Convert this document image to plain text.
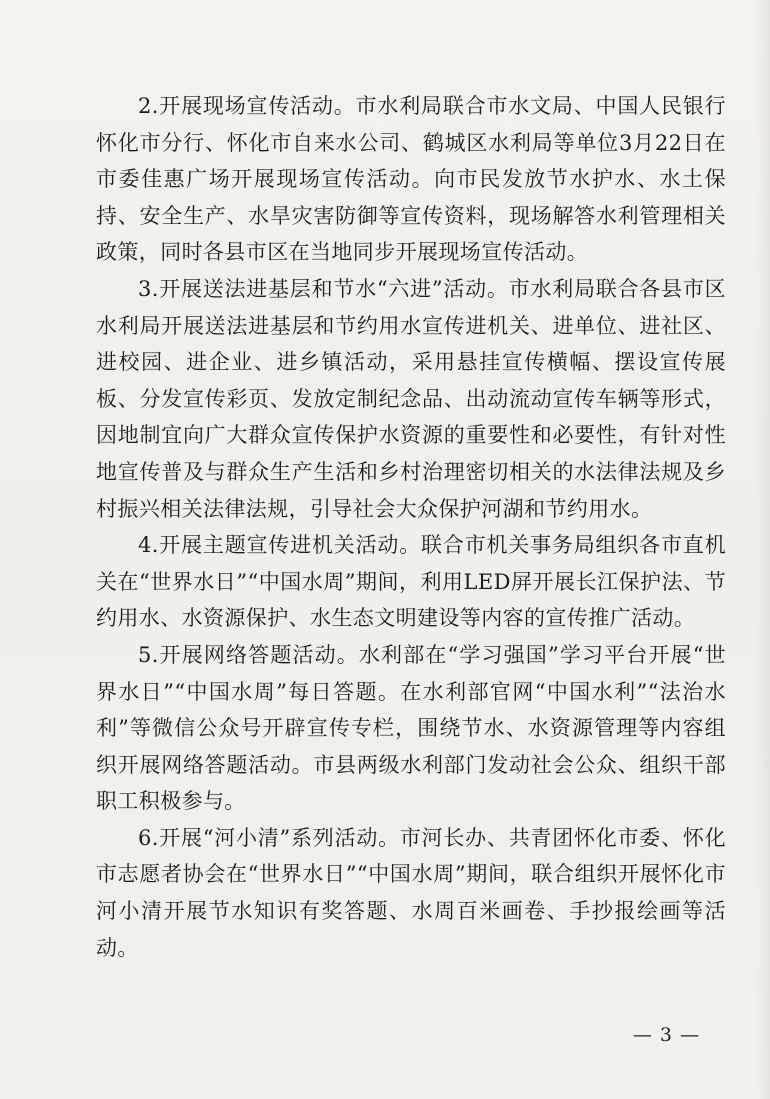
2.开展现场宣传活动。市水利局联合市水文局、中国人民银行怀化市分行、怀化市自来水公司、鹤城区水利局等单位3月22日在市委佳惠广场开展现场宣传活动。向市民发放节水护水、水土保持、安全生产、水旱灾害防御等宣传资料，现场解答水利管理相关政策，同时各县市区在当地同步开展现场宣传活动。

3.开展送法进基层和节水“六进”活动。市水利局联合各县市区水利局开展送法进基层和节约用水宣传进机关、进单位、进社区、进校园、进企业、进乡镇活动，采用悬挂宣传横幅、摆设宣传展板、分发宣传彩页、发放定制纪念品、出动流动宣传车辆等形式，因地制宜向广大群众宣传保护水资源的重要性和必要性，有针对性地宣传普及与群众生产生活和乡村治理密切相关的水法律法规及乡村振兴相关法律法规，引导社会大众保护河湖和节约用水。

4.开展主题宣传进机关活动。联合市机关事务局组织各市直机关在“世界水日”“中国水周”期间，利用LED屏开展长江保护法、节约用水、水资源保护、水生态文明建设等内容的宣传推广活动。

5.开展网络答题活动。水利部在“学习强国”学习平台开展“世界水日”“中国水周”每日答题。在水利部官网“中国水利”“法治水利”等微信公众号开辟宣传专栏，围绕节水、水资源管理等内容组织开展网络答题活动。市县两级水利部门发动社会公众、组织干部职工积极参与。

6.开展“河小清”系列活动。市河长办、共青团怀化市委、怀化市志愿者协会在“世界水日”“中国水周”期间，联合组织开展怀化市河小清开展节水知识有奖答题、水周百米画卷、手抄报绘画等活动。

— 3 —
